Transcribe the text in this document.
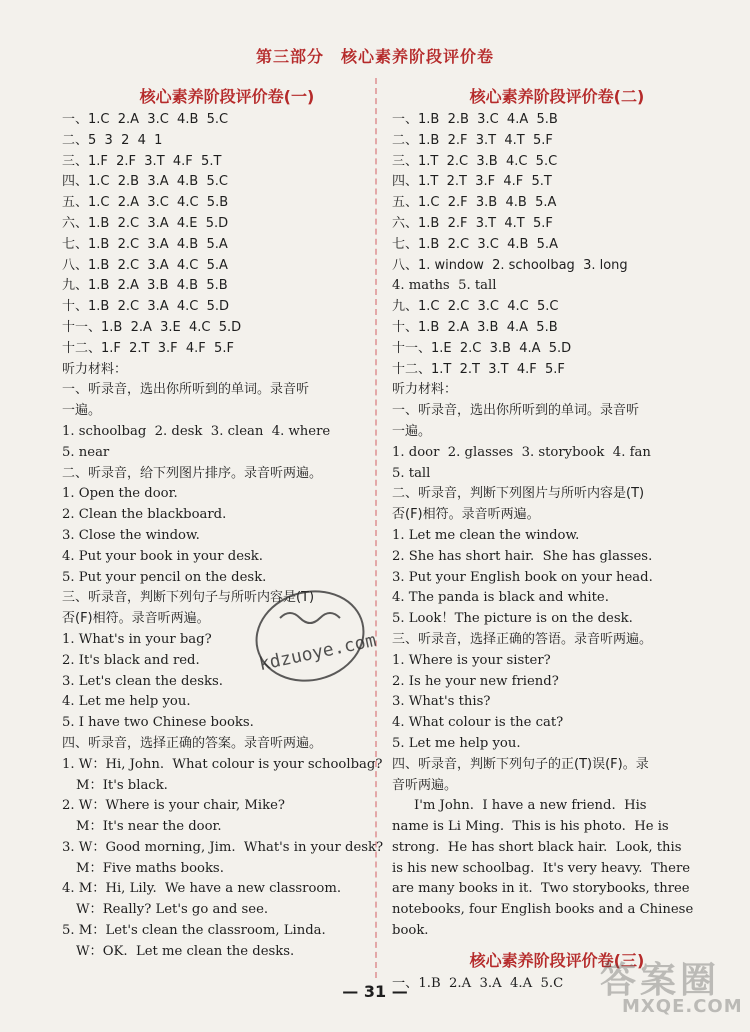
第三部分　核心素养阶段评价卷
核心素养阶段评价卷(一)
一、1.C  2.A  3.C  4.B  5.C
二、5  3  2  4  1
三、1.F  2.F  3.T  4.F  5.T
四、1.C  2.B  3.A  4.B  5.C
五、1.C  2.A  3.C  4.C  5.B
六、1.B  2.C  3.A  4.E  5.D
七、1.B  2.C  3.A  4.B  5.A
八、1.B  2.C  3.A  4.C  5.A
九、1.B  2.A  3.B  4.B  5.B
十、1.B  2.C  3.A  4.C  5.D
十一、1.B  2.A  3.E  4.C  5.D
十二、1.F  2.T  3.F  4.F  5.F
听力材料：
一、听录音，选出你所听到的单词。录音听
一遍。
1. schoolbag  2. desk  3. clean  4. where
5. near
二、听录音，给下列图片排序。录音听两遍。
1. Open the door.
2. Clean the blackboard.
3. Close the window.
4. Put your book in your desk.
5. Put your pencil on the desk.
三、听录音，判断下列句子与所听内容是(T)
否(F)相符。录音听两遍。
1. What's in your bag?
2. It's black and red.
3. Let's clean the desks.
4. Let me help you.
5. I have two Chinese books.
四、听录音，选择正确的答案。录音听两遍。
1. W：Hi, John.  What colour is your schoolbag?
M：It's black.
2. W：Where is your chair, Mike?
M：It's near the door.
3. W：Good morning, Jim.  What's in your desk?
M：Five maths books.
4. M：Hi, Lily.  We have a new classroom.
W：Really? Let's go and see.
5. M：Let's clean the classroom, Linda.
W：OK.  Let me clean the desks.
核心素养阶段评价卷(二)
一、1.B  2.B  3.C  4.A  5.B
二、1.B  2.F  3.T  4.T  5.F
三、1.T  2.C  3.B  4.C  5.C
四、1.T  2.T  3.F  4.F  5.T
五、1.C  2.F  3.B  4.B  5.A
六、1.B  2.F  3.T  4.T  5.F
七、1.B  2.C  3.C  4.B  5.A
八、1. window  2. schoolbag  3. long
4. maths  5. tall
九、1.C  2.C  3.C  4.C  5.C
十、1.B  2.A  3.B  4.A  5.B
十一、1.E  2.C  3.B  4.A  5.D
十二、1.T  2.T  3.T  4.F  5.F
听力材料：
一、听录音，选出你所听到的单词。录音听
一遍。
1. door  2. glasses  3. storybook  4. fan
5. tall
二、听录音，判断下列图片与所听内容是(T)
否(F)相符。录音听两遍。
1. Let me clean the window.
2. She has short hair.  She has glasses.
3. Put your English book on your head.
4. The panda is black and white.
5. Look！The picture is on the desk.
三、听录音，选择正确的答语。录音听两遍。
1. Where is your sister?
2. Is he your new friend?
3. What's this?
4. What colour is the cat?
5. Let me help you.
四、听录音，判断下列句子的正(T)误(F)。录
音听两遍。
I'm John.  I have a new friend.  His
name is Li Ming.  This is his photo.  He is
strong.  He has short black hair.  Look, this
is his new schoolbag.  It's very heavy.  There
are many books in it.  Two storybooks, three
notebooks, four English books and a Chinese
book.
核心素养阶段评价卷(三)
一、1.B  2.A  3.A  4.A  5.C
kdzuoye.com
— 31 —	答案圈
MXQE.COM
